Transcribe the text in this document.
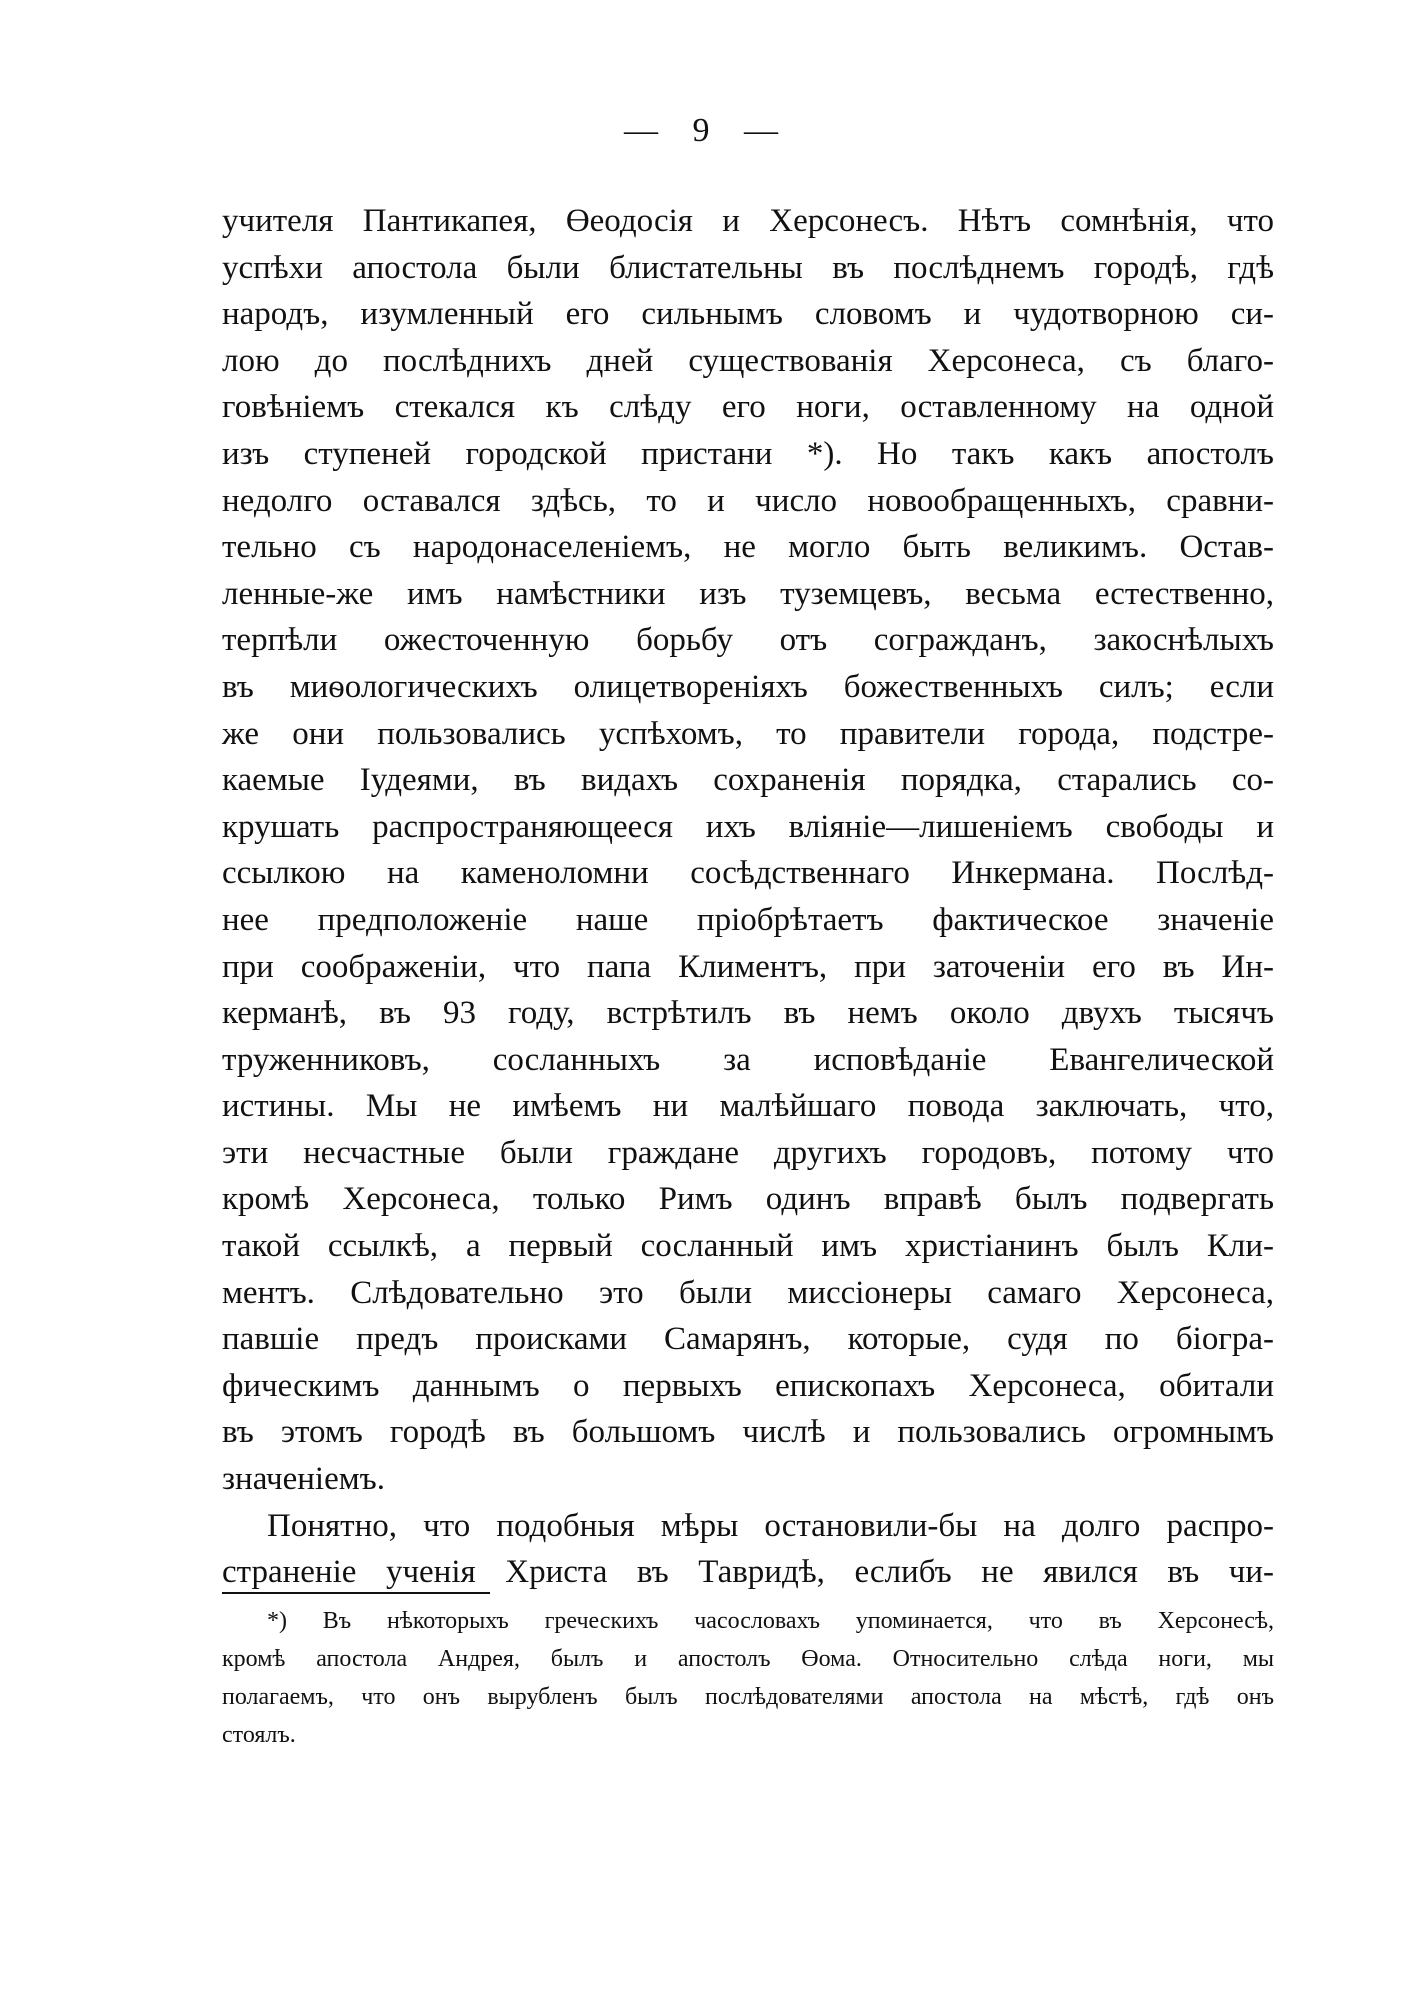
— 9 —
учителя Пантикапея, Өеодосія и Херсонесъ. Нѣтъ сомнѣнія, что
успѣхи апостола были блистательны въ послѣднемъ городѣ, гдѣ
народъ, изумленный его сильнымъ словомъ и чудотворною си-
лою до послѣднихъ дней существованія Херсонеса, съ благо-
говѣніемъ стекался къ слѣду его ноги, оставленному на одной
изъ ступеней городской пристани *). Но такъ какъ апостолъ
недолго оставался здѣсь, то и число новообращенныхъ, сравни-
тельно съ народонаселеніемъ, не могло быть великимъ. Остав-
ленные-же имъ намѣстники изъ туземцевъ, весьма естественно,
терпѣли ожесточенную борьбу отъ согражданъ, закоснѣлыхъ
въ миѳологическихъ олицетвореніяхъ божественныхъ силъ; если
же они пользовались успѣхомъ, то правители города, подстре-
каемые Іудеями, въ видахъ сохраненія порядка, старались со-
крушать распространяющееся ихъ вліяніе—лишеніемъ свободы и
ссылкою на каменоломни сосѣдственнаго Инкермана. Послѣд-
нее предположеніе наше пріобрѣтаетъ фактическое значеніе
при соображеніи, что папа Климентъ, при заточеніи его въ Ин-
керманѣ, въ 93 году, встрѣтилъ въ немъ около двухъ тысячъ
труженниковъ, сосланныхъ за исповѣданіе Евангелической
истины. Мы не имѣемъ ни малѣйшаго повода заключать, что,
эти несчастные были граждане другихъ городовъ, потому что
кромѣ Херсонеса, только Римъ одинъ вправѣ былъ подвергать
такой ссылкѣ, а первый сосланный имъ христіанинъ былъ Кли-
ментъ. Слѣдовательно это были миссіонеры самаго Херсонеса,
павшіе предъ происками Самарянъ, которые, судя по біогра-
фическимъ даннымъ о первыхъ епископахъ Херсонеса, обитали
въ этомъ городѣ въ большомъ числѣ и пользовались огромнымъ
значеніемъ.
Понятно, что подобныя мѣры остановили-бы на долго распро-
страненіе ученія Христа въ Тавридѣ, еслибъ не явился въ чи-
*) Въ нѣкоторыхъ греческихъ часословахъ упоминается, что въ Херсонесѣ,
кромѣ апостола Андрея, былъ и апостолъ Өома. Относительно слѣда ноги, мы
полагаемъ, что онъ вырубленъ былъ послѣдователями апостола на мѣстѣ, гдѣ онъ
стоялъ.
